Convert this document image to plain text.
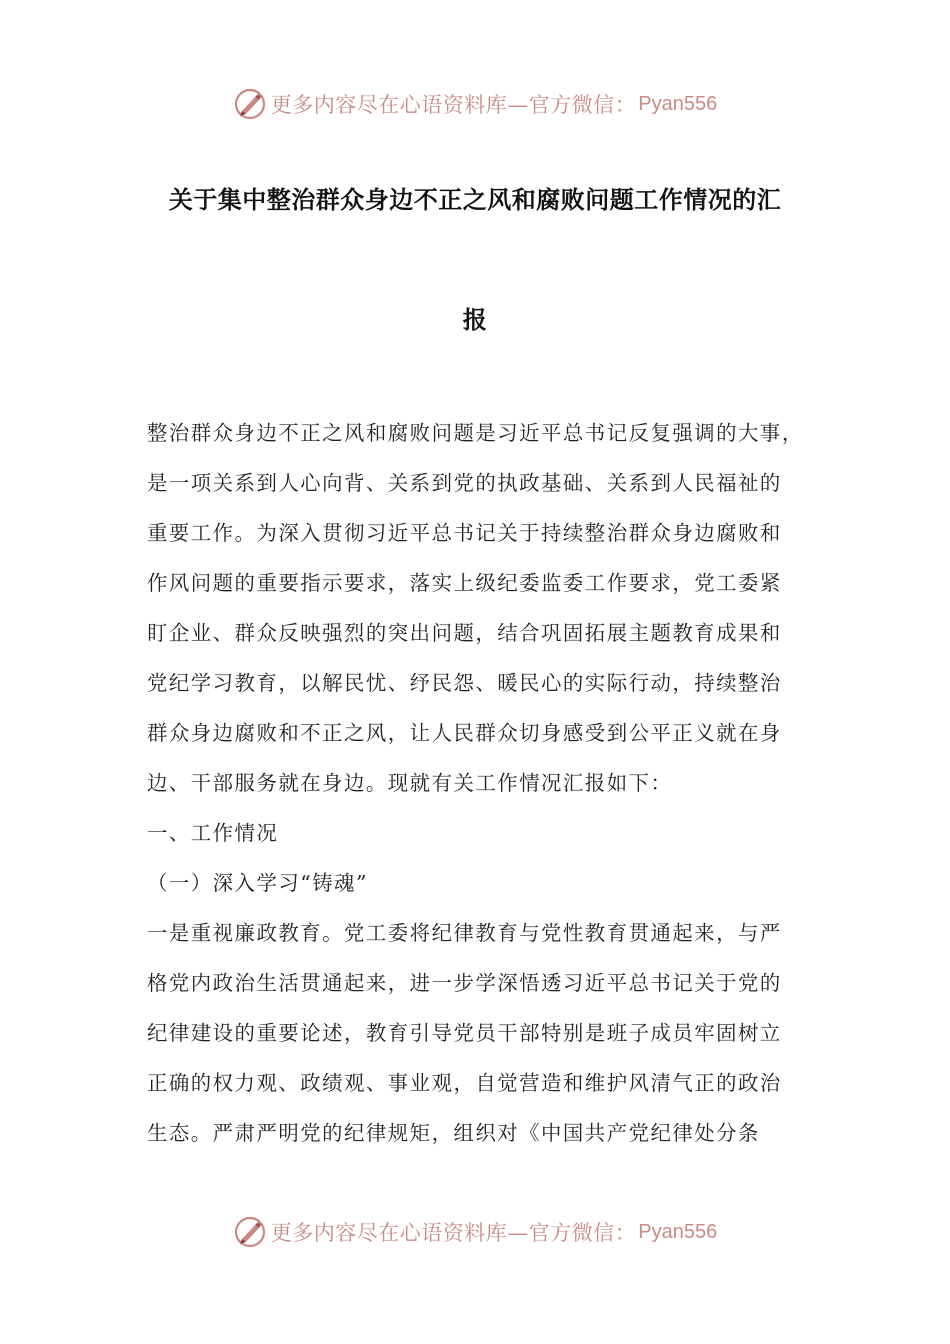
更多内容尽在心语资料库—官方微信： Pyan556
关于集中整治群众身边不正之风和腐败问题工作情况的汇
报
整治群众身边不正之风和腐败问题是习近平总书记反复强调的大事，
是一项关系到人心向背、关系到党的执政基础、关系到人民福祉的
重要工作。为深入贯彻习近平总书记关于持续整治群众身边腐败和
作风问题的重要指示要求，落实上级纪委监委工作要求，党工委紧
盯企业、群众反映强烈的突出问题，结合巩固拓展主题教育成果和
党纪学习教育，以解民忧、纾民怨、暖民心的实际行动，持续整治
群众身边腐败和不正之风，让人民群众切身感受到公平正义就在身
边、干部服务就在身边。现就有关工作情况汇报如下：
一、工作情况
（一）深入学习“铸魂”
一是重视廉政教育。党工委将纪律教育与党性教育贯通起来，与严
格党内政治生活贯通起来，进一步学深悟透习近平总书记关于党的
纪律建设的重要论述，教育引导党员干部特别是班子成员牢固树立
正确的权力观、政绩观、事业观，自觉营造和维护风清气正的政治
生态。严肃严明党的纪律规矩，组织对《中国共产党纪律处分条
更多内容尽在心语资料库—官方微信： Pyan556
